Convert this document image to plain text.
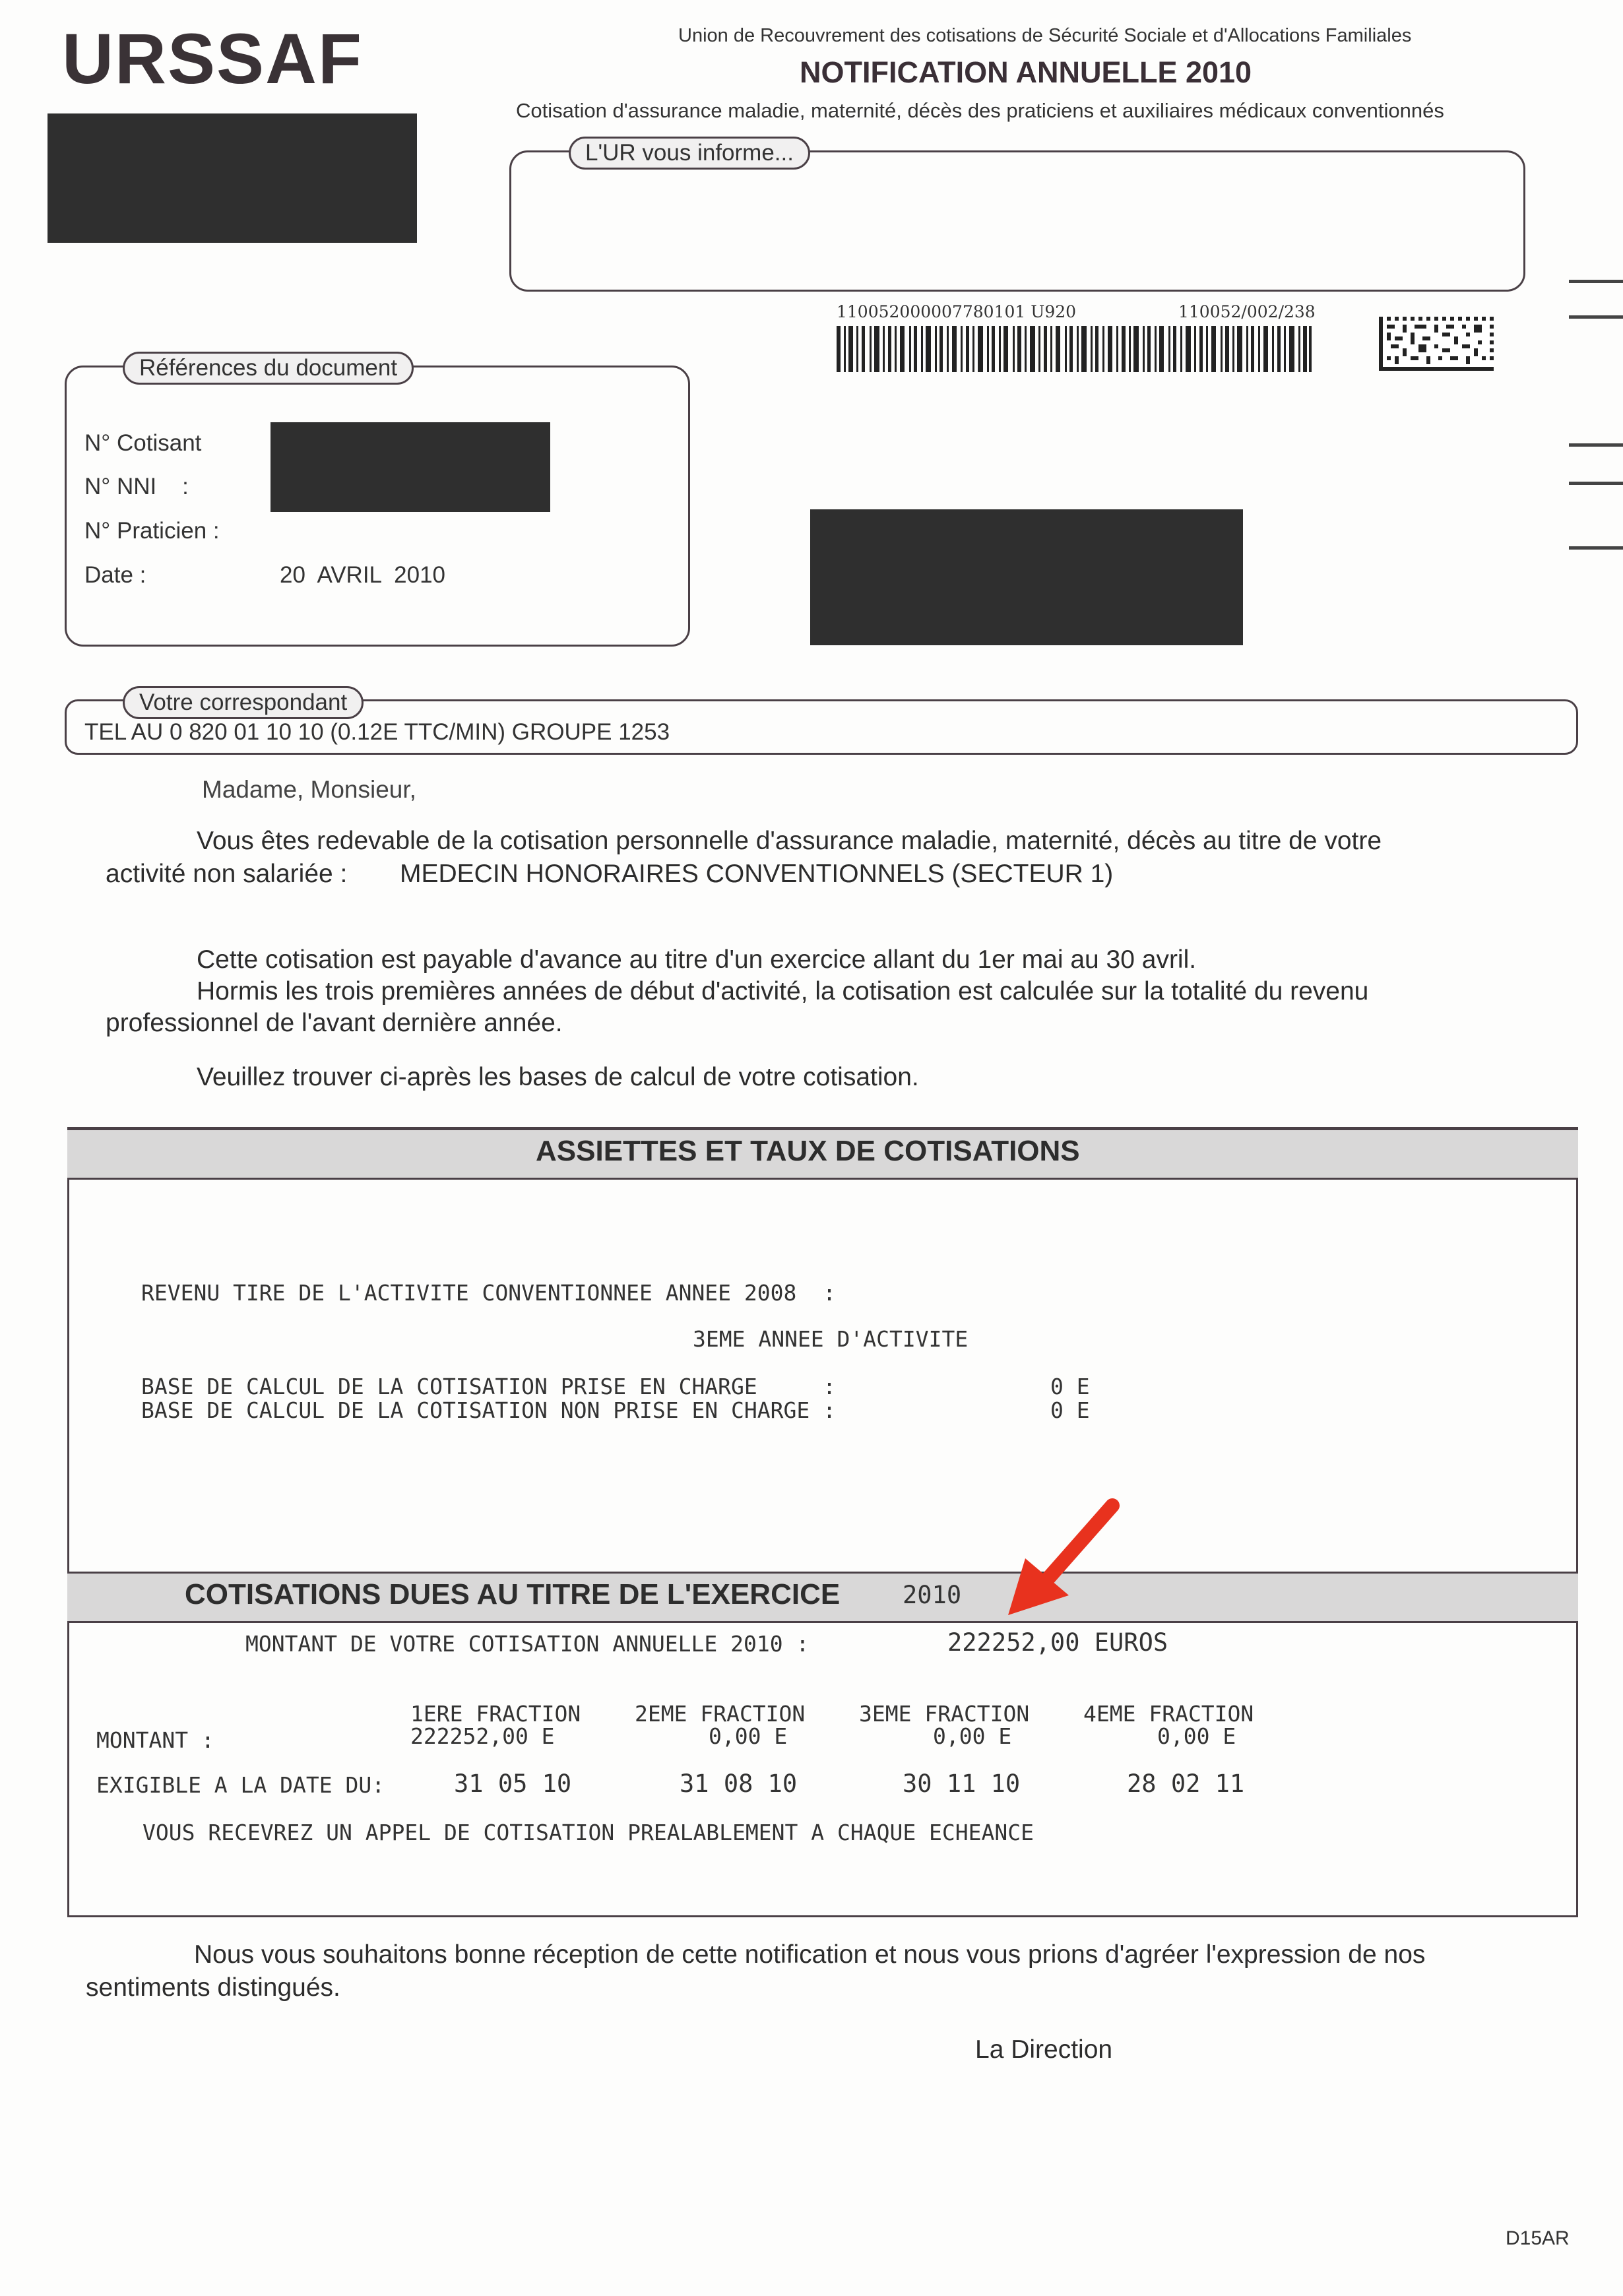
URSSAF	Union de Recouvrement des cotisations de Sécurité Sociale et d'Allocations Familiales
NOTIFICATION ANNUELLE 2010
Cotisation d'assurance maladie, maternité, décès des praticiens et auxiliaires médicaux conventionnés
L'UR vous informe...
110052000007780101 U920	110052/002/238
Références du document
N° Cotisant
N° NNI    :
N° Praticien :
Date :	20  AVRIL  2010
Votre correspondant
TEL AU 0 820 01 10 10 (0.12E TTC/MIN) GROUPE 1253
Madame, Monsieur,
Vous êtes redevable de la cotisation personnelle d'assurance maladie, maternité, décès au titre de votre
activité non salariée : MEDECIN HONORAIRES CONVENTIONNELS (SECTEUR 1)
Cette cotisation est payable d'avance au titre d'un exercice allant du 1er mai au 30 avril.
Hormis les trois premières années de début d'activité, la cotisation est calculée sur la totalité du revenu
professionnel de l'avant dernière année.
Veuillez trouver ci-après les bases de calcul de votre cotisation.
ASSIETTES ET TAUX DE COTISATIONS
REVENU TIRE DE L'ACTIVITE CONVENTIONNEE ANNEE 2008  :
3EME ANNEE D'ACTIVITE
BASE DE CALCUL DE LA COTISATION PRISE EN CHARGE     :	0 E
BASE DE CALCUL DE LA COTISATION NON PRISE EN CHARGE :	0 E
COTISATIONS DUES AU TITRE DE L'EXERCICE	2010
MONTANT DE VOTRE COTISATION ANNUELLE 2010 :	222252,00 EUROS
1ERE FRACTION 2EME FRACTION 3EME FRACTION 4EME FRACTION
MONTANT :	222252,00 E	0,00 E	0,00 E	0,00 E
EXIGIBLE A LA DATE DU:	31 05 10	31 08 10	30 11 10	28 02 11
VOUS RECEVREZ UN APPEL DE COTISATION PREALABLEMENT A CHAQUE ECHEANCE
Nous vous souhaitons bonne réception de cette notification et nous vous prions d'agréer l'expression de nos
sentiments distingués.
La Direction
D15AR
